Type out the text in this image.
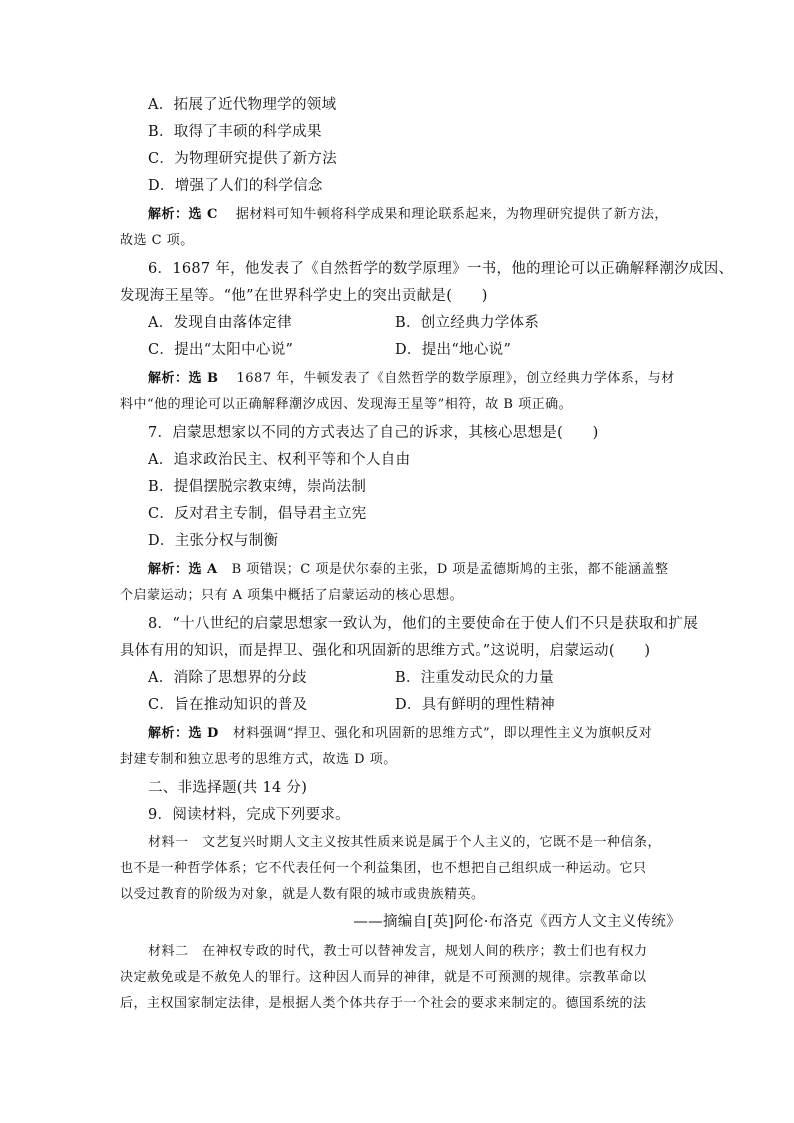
A．拓展了近代物理学的领域
B．取得了丰硕的科学成果
C．为物理研究提供了新方法
D．增强了人们的科学信念
解析：选 C 据材料可知牛顿将科学成果和理论联系起来，为物理研究提供了新方法，
故选 C 项。
6．1687 年，他发表了《自然哲学的数学原理》一书，他的理论可以正确解释潮汐成因、
发现海王星等。“他”在世界科学史上的突出贡献是(　　)
A．发现自由落体定律	B．创立经典力学体系
C．提出“太阳中心说”	D．提出“地心说”
解析：选 B 1687 年，牛顿发表了《自然哲学的数学原理》，创立经典力学体系，与材
料中“他的理论可以正确解释潮汐成因、发现海王星等”相符，故 B 项正确。
7．启蒙思想家以不同的方式表达了自己的诉求，其核心思想是(　　)
A．追求政治民主、权利平等和个人自由
B．提倡摆脱宗教束缚，崇尚法制
C．反对君主专制，倡导君主立宪
D．主张分权与制衡
解析：选 A B 项错误；C 项是伏尔泰的主张，D 项是孟德斯鸠的主张，都不能涵盖整
个启蒙运动；只有 A 项集中概括了启蒙运动的核心思想。
8．“十八世纪的启蒙思想家一致认为，他们的主要使命在于使人们不只是获取和扩展
具体有用的知识，而是捍卫、强化和巩固新的思维方式。”这说明，启蒙运动(　　)
A．消除了思想界的分歧	B．注重发动民众的力量
C．旨在推动知识的普及	D．具有鲜明的理性精神
解析：选 D 材料强调“捍卫、强化和巩固新的思维方式”，即以理性主义为旗帜反对
封建专制和独立思考的思维方式，故选 D 项。
二、非选择题(共 14 分)
9．阅读材料，完成下列要求。
材料一　文艺复兴时期人文主义按其性质来说是属于个人主义的，它既不是一种信条，
也不是一种哲学体系；它不代表任何一个利益集团，也不想把自己组织成一种运动。它只
以受过教育的阶级为对象，就是人数有限的城市或贵族精英。
——摘编自[英]阿伦·布洛克《西方人文主义传统》
材料二　在神权专政的时代，教士可以替神发言，规划人间的秩序；教士们也有权力
决定赦免或是不赦免人的罪行。这种因人而异的神律，就是不可预测的规律。宗教革命以
后，主权国家制定法律，是根据人类个体共存于一个社会的要求来制定的。德国系统的法
